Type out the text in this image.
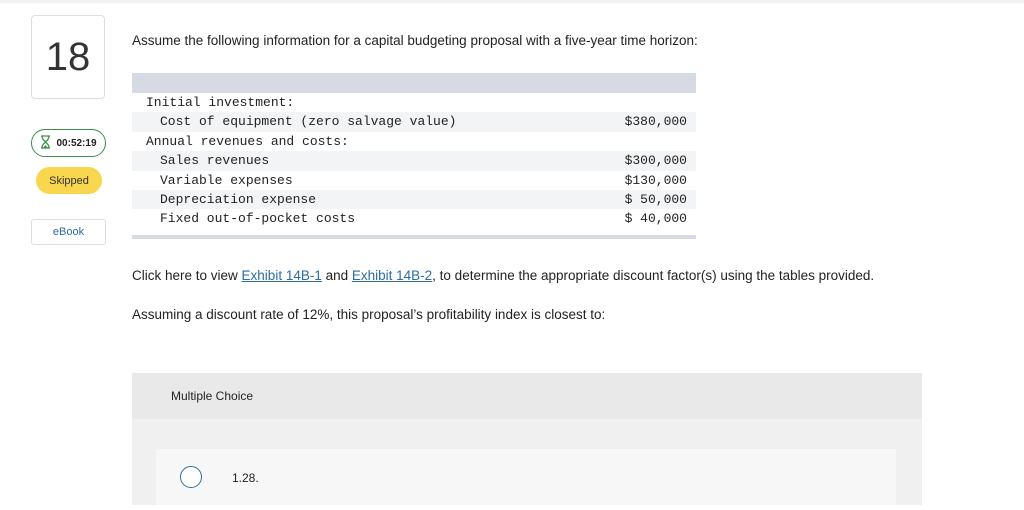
18
00:52:19
Skipped
eBook
Assume the following information for a capital budgeting proposal with a five-year time horizon:
Initial investment:
Cost of equipment (zero salvage value)	$380,000
Annual revenues and costs:
Sales revenues	$300,000
Variable expenses	$130,000
Depreciation expense	$ 50,000
Fixed out-of-pocket costs	$ 40,000
Click here to view Exhibit 14B-1 and Exhibit 14B-2, to determine the appropriate discount factor(s) using the tables provided.
Assuming a discount rate of 12%, this proposal’s profitability index is closest to:
Multiple Choice
1.28.
